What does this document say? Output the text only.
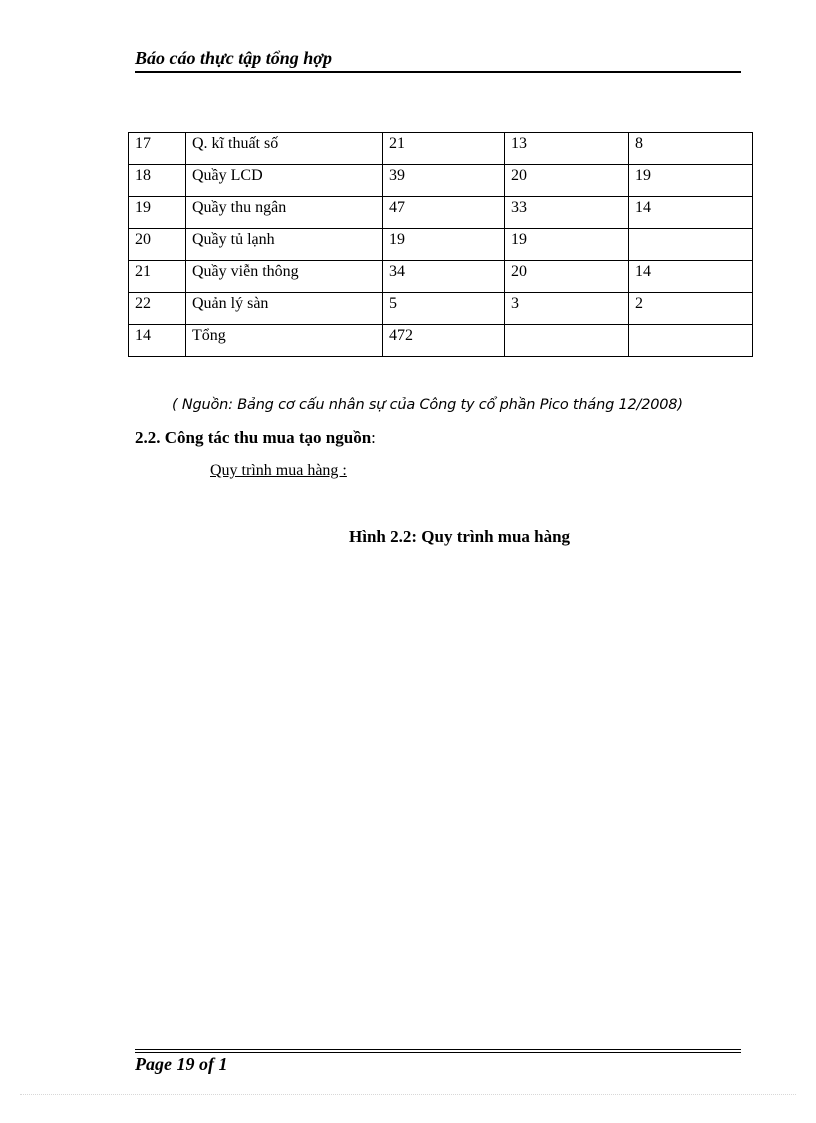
Báo cáo thực tập tổng hợp
17	Q. kĩ thuất số	21	13	8
18	Quầy LCD	39	20	19
19	Quầy thu ngân	47	33	14
20	Quầy tủ lạnh	19	19	
21	Quầy viễn thông	34	20	14
22	Quản lý sàn	5	3	2
14	Tổng	472		
( Nguồn: Bảng cơ cấu nhân sự của Công ty cổ phần Pico tháng 12/2008)
2.2. Công tác thu mua tạo nguồn:
Quy trình mua hàng :
Hình 2.2: Quy trình mua hàng
Page 19 of 1
